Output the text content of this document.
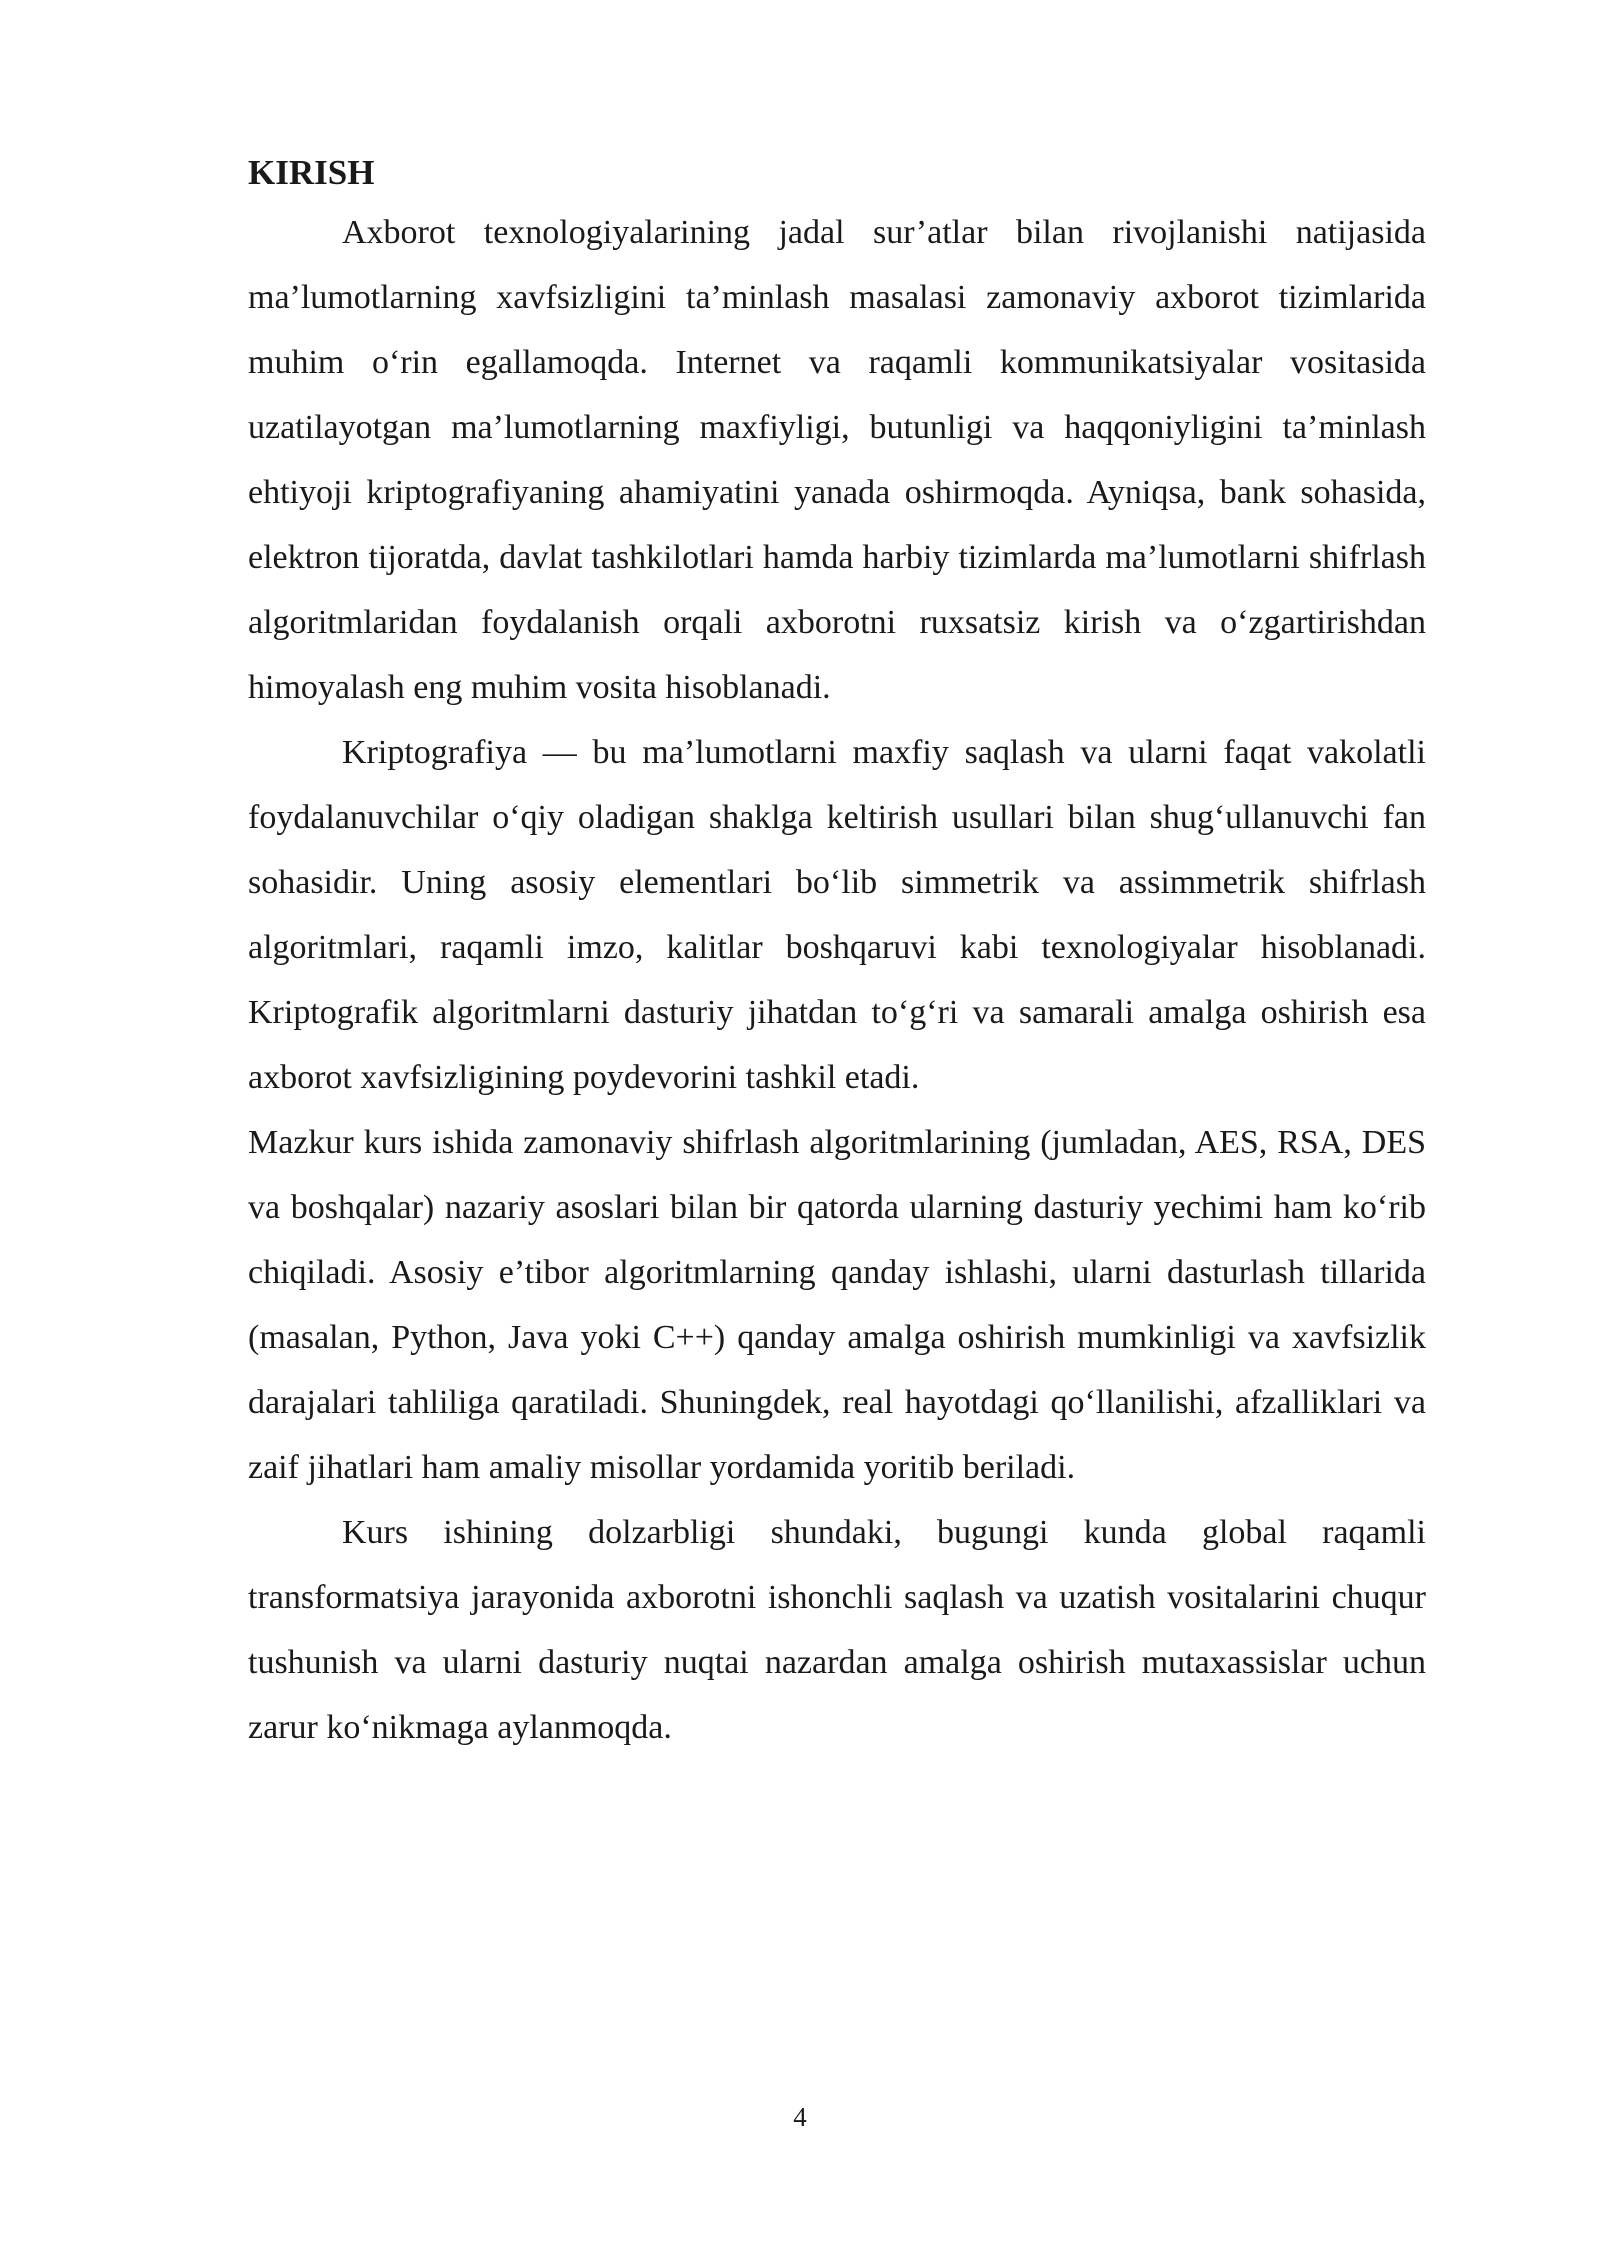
KIRISH

Axborot texnologiyalarining jadal sur’atlar bilan rivojlanishi natijasida ma’lumotlarning xavfsizligini ta’minlash masalasi zamonaviy axborot tizimlarida muhim o‘rin egallamoqda. Internet va raqamli kommunikatsiyalar vositasida uzatilayotgan ma’lumotlarning maxfiyligi, butunligi va haqqoniyligini ta’minlash ehtiyoji kriptografiyaning ahamiyatini yanada oshirmoqda. Ayniqsa, bank sohasida, elektron tijoratda, davlat tashkilotlari hamda harbiy tizimlarda ma’lumotlarni shifrlash algoritmlaridan foydalanish orqali axborotni ruxsatsiz kirish va o‘zgartirishdan himoyalash eng muhim vosita hisoblanadi.

Kriptografiya — bu ma’lumotlarni maxfiy saqlash va ularni faqat vakolatli foydalanuvchilar o‘qiy oladigan shaklga keltirish usullari bilan shug‘ullanuvchi fan sohasidir. Uning asosiy elementlari bo‘lib simmetrik va assimmetrik shifrlash algoritmlari, raqamli imzo, kalitlar boshqaruvi kabi texnologiyalar hisoblanadi. Kriptografik algoritmlarni dasturiy jihatdan to‘g‘ri va samarali amalga oshirish esa axborot xavfsizligining poydevorini tashkil etadi.

Mazkur kurs ishida zamonaviy shifrlash algoritmlarining (jumladan, AES, RSA, DES va boshqalar) nazariy asoslari bilan bir qatorda ularning dasturiy yechimi ham ko‘rib chiqiladi. Asosiy e’tibor algoritmlarning qanday ishlashi, ularni dasturlash tillarida (masalan, Python, Java yoki C++) qanday amalga oshirish mumkinligi va xavfsizlik darajalari tahliliga qaratiladi. Shuningdek, real hayotdagi qo‘llanilishi, afzalliklari va zaif jihatlari ham amaliy misollar yordamida yoritib beriladi.

Kurs ishining dolzarbligi shundaki, bugungi kunda global raqamli transformatsiya jarayonida axborotni ishonchli saqlash va uzatish vositalarini chuqur tushunish va ularni dasturiy nuqtai nazardan amalga oshirish mutaxassislar uchun zarur ko‘nikmaga aylanmoqda.

4
